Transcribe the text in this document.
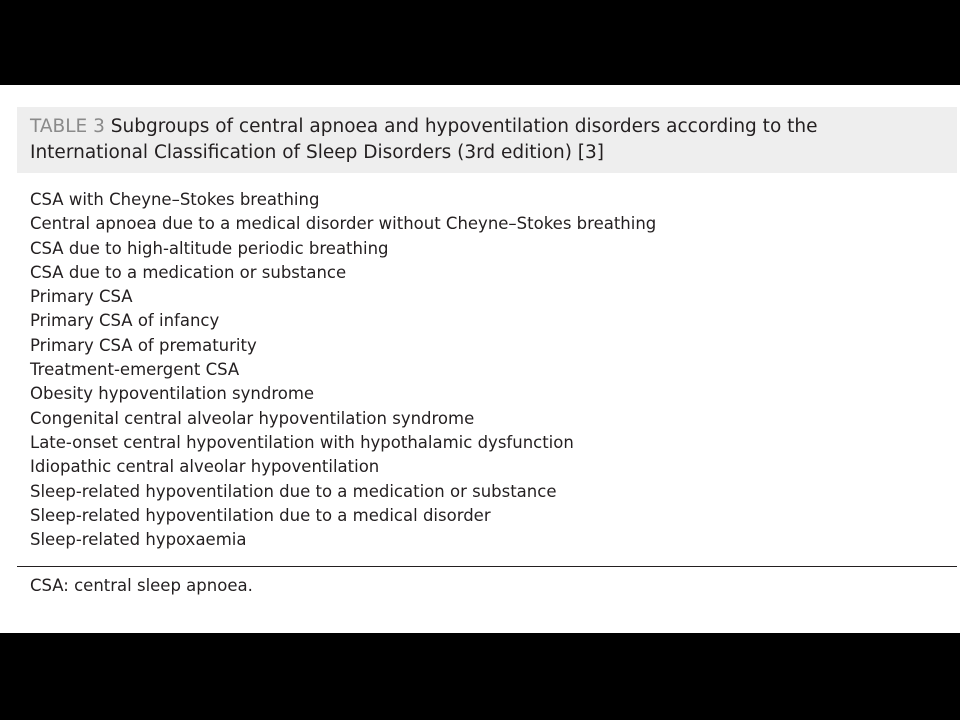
TABLE 3 Subgroups of central apnoea and hypoventilation disorders according to the
International Classification of Sleep Disorders (3rd edition) [3]
CSA with Cheyne–Stokes breathing
Central apnoea due to a medical disorder without Cheyne–Stokes breathing
CSA due to high-altitude periodic breathing
CSA due to a medication or substance
Primary CSA
Primary CSA of infancy
Primary CSA of prematurity
Treatment-emergent CSA
Obesity hypoventilation syndrome
Congenital central alveolar hypoventilation syndrome
Late-onset central hypoventilation with hypothalamic dysfunction
Idiopathic central alveolar hypoventilation
Sleep-related hypoventilation due to a medication or substance
Sleep-related hypoventilation due to a medical disorder
Sleep-related hypoxaemia
CSA: central sleep apnoea.
